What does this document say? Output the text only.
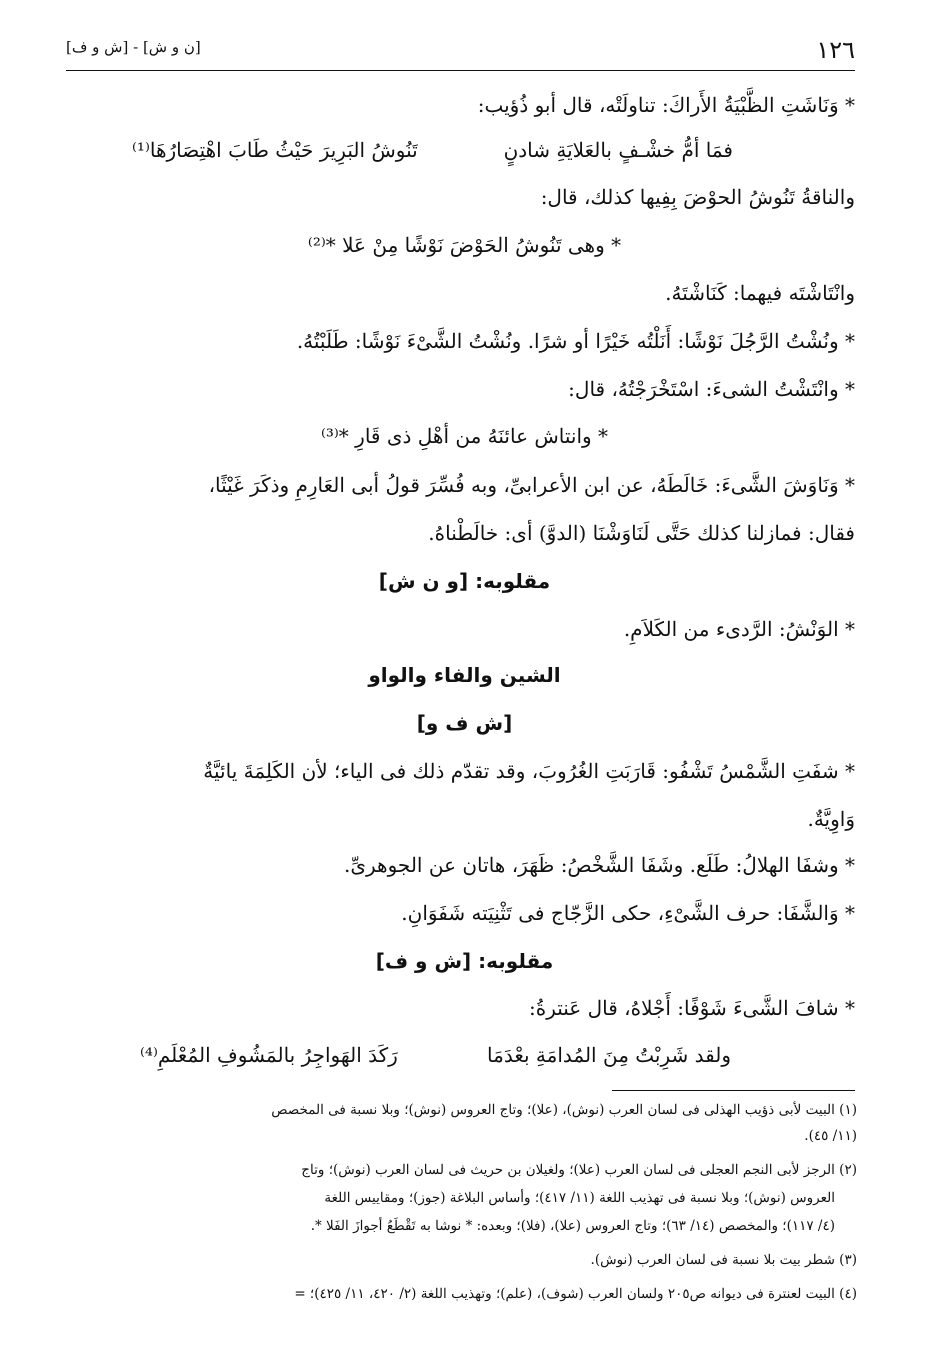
١٢٦
[ن و ش] - [ش و ف]
* وَنَاشَتِ الظَّبْيَةُ الأَراكَ: تناولَتْه، قال أبو ذُؤيب:
فمَا أمُّ خشْـفٍ بالعَلايَةِ شادنٍ
تَنُوشُ البَرِيرَ حَيْثُ طَابَ اهْتِصَارُهَا⁽¹⁾
والناقةُ تَنُوشُ الحوْضَ بِفِيها كذلك، قال:
* وهى تَنُوشُ الحَوْضَ نَوْشًا مِنْ عَلا *⁽²⁾
وانْتَاشْتَه فيهما: كَنَاشْتَهُ.
* ونُشْتُ الرَّجُلَ نَوْشًا: أَنَلْتُه خَيْرًا أو شرًا. ونُشْتُ الشَّىْءَ نَوْشًا: طَلَبْتُهُ.
* وانْتَشْتُ الشىءَ: اسْتَخْرَجْتُهُ، قال:
* وانتاش عائنَهُ من أهْلِ ذى قَارِ *⁽³⁾
* وَنَاوَشَ الشَّىءَ: خَالَطَهُ، عن ابن الأعرابىِّ، وبه فُسِّرَ قولُ أبى العَارِمِ وذكَرَ غَيْثًا،
فقال: فمازلنا كذلك حَتَّى لَنَاوَشْنَا (الدوَّ) أى: خالَطْناهُ.
مقلوبه: [و ن ش]
* الوَنْشُ: الرَّدىء من الكَلاَمِ.
الشين والفاء والواو
[ش ف و]
* شفَتِ الشَّمْسُ تَشْفُو: قَارَبَتِ الغُرُوبَ، وقد تقدّم ذلك فى الياء؛ لأن الكَلِمَةَ يائيَّةٌ
وَاوِيَّةٌ.
* وشفَا الهلالُ: طَلَع. وشَفَا الشَّخْصُ: ظَهَرَ، هاتان عن الجوهرىِّ.
* وَالشَّفَا: حرف الشَّىْءِ، حكى الزَّجّاج فى تَثْنِيَته شَفَوَانِ.
مقلوبه: [ش و ف]
* شافَ الشَّىءَ شَوْفًا: أَجْلاهُ، قال عَنترةُ:
ولقد شَرِبْتُ مِنَ المُدامَةِ بعْدَمَا
رَكَدَ الهَواجِرُ بالمَشُوفِ المُعْلَمِ⁽⁴⁾
(١) البيت لأبى ذؤيب الهذلى فى لسان العرب (نوش)، (علا)؛ وتاج العروس (نوش)؛ وبلا نسبة فى المخصص
(١١/ ٤٥).
(٢) الرجز لأبى النجم العجلى فى لسان العرب (علا)؛ ولغيلان بن حريث فى لسان العرب (نوش)؛ وتاج
العروس (نوش)؛ وبلا نسبة فى تهذيب اللغة (١١/ ٤١٧)؛ وأساس البلاغة (جوز)؛ ومقاييس اللغة
(٤/ ١١٧)؛ والمخصص (١٤/ ٦٣)؛ وتاج العروس (علا)، (فلا)؛ وبعده: * نوشا به تَقْطَعُ أجوازَ الفَلا *.
(٣) شطر بيت بلا نسبة فى لسان العرب (نوش).
(٤) البيت لعنترة فى ديوانه ص٢٠٥ ولسان العرب (شوف)، (علم)؛ وتهذيب اللغة (٢/ ٤٢٠، ١١/ ٤٢٥)؛ =
